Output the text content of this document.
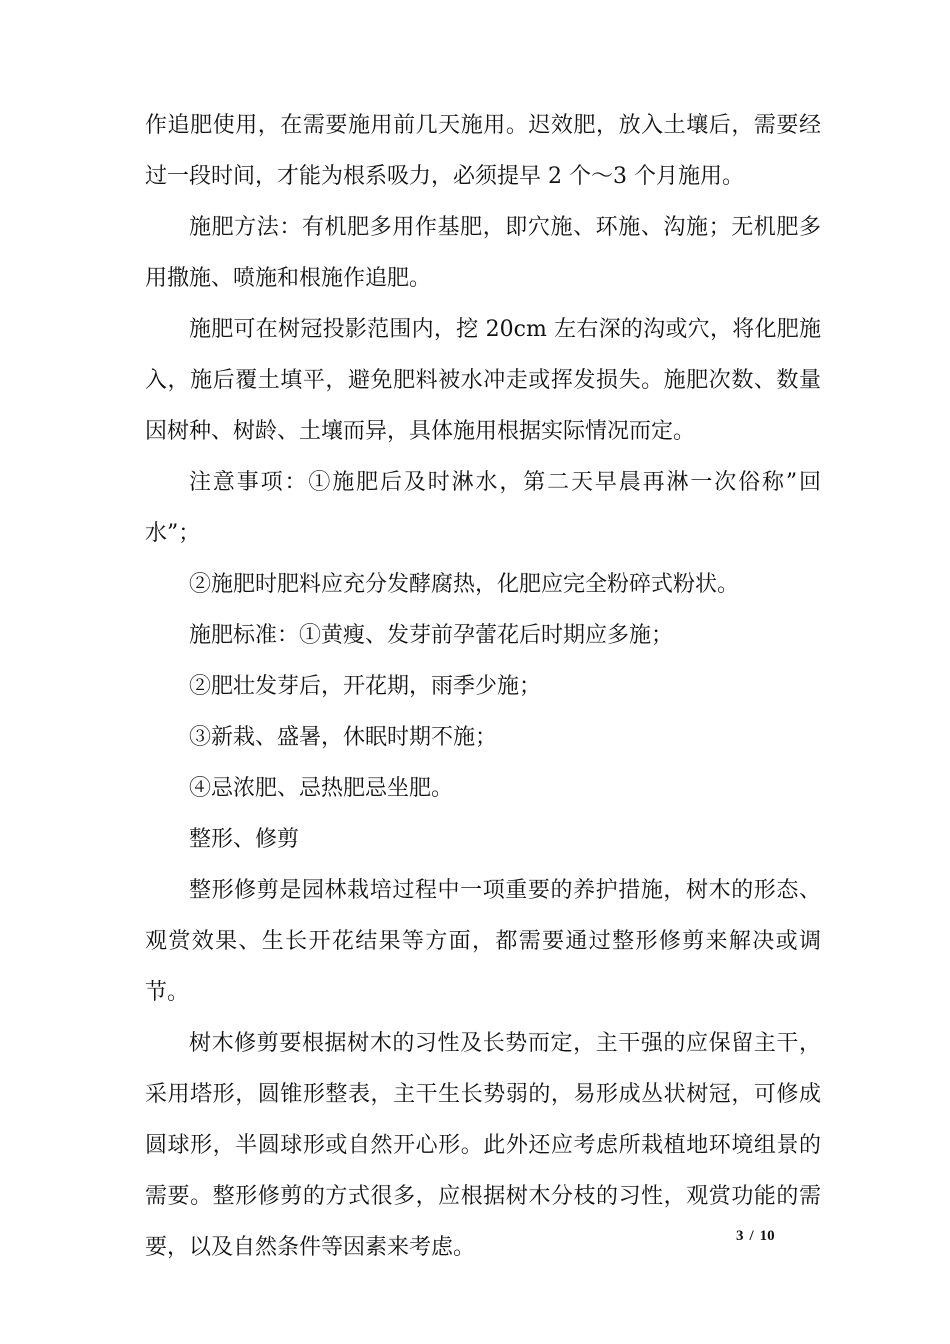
作追肥使用，在需要施用前几天施用。迟效肥，放入土壤后，需要经过一段时间，才能为根系吸力，必须提早 2 个～3 个月施用。

施肥方法：有机肥多用作基肥，即穴施、环施、沟施；无机肥多用撒施、喷施和根施作追肥。

施肥可在树冠投影范围内，挖 20cm 左右深的沟或穴，将化肥施入，施后覆土填平，避免肥料被水冲走或挥发损失。施肥次数、数量因树种、树龄、土壤而异，具体施用根据实际情况而定。

注意事项：①施肥后及时淋水，第二天早晨再淋一次俗称”回水”；

②施肥时肥料应充分发酵腐热，化肥应完全粉碎式粉状。

施肥标准：①黄瘦、发芽前孕蕾花后时期应多施；

②肥壮发芽后，开花期，雨季少施；

③新栽、盛暑，休眠时期不施；

④忌浓肥、忌热肥忌坐肥。

整形、修剪

整形修剪是园林栽培过程中一项重要的养护措施，树木的形态、观赏效果、生长开花结果等方面，都需要通过整形修剪来解决或调节。

树木修剪要根据树木的习性及长势而定，主干强的应保留主干，采用塔形，圆锥形整表，主干生长势弱的，易形成丛状树冠，可修成圆球形，半圆球形或自然开心形。此外还应考虑所栽植地环境组景的需要。整形修剪的方式很多，应根据树木分枝的习性，观赏功能的需要，以及自然条件等因素来考虑。	3 / 10
